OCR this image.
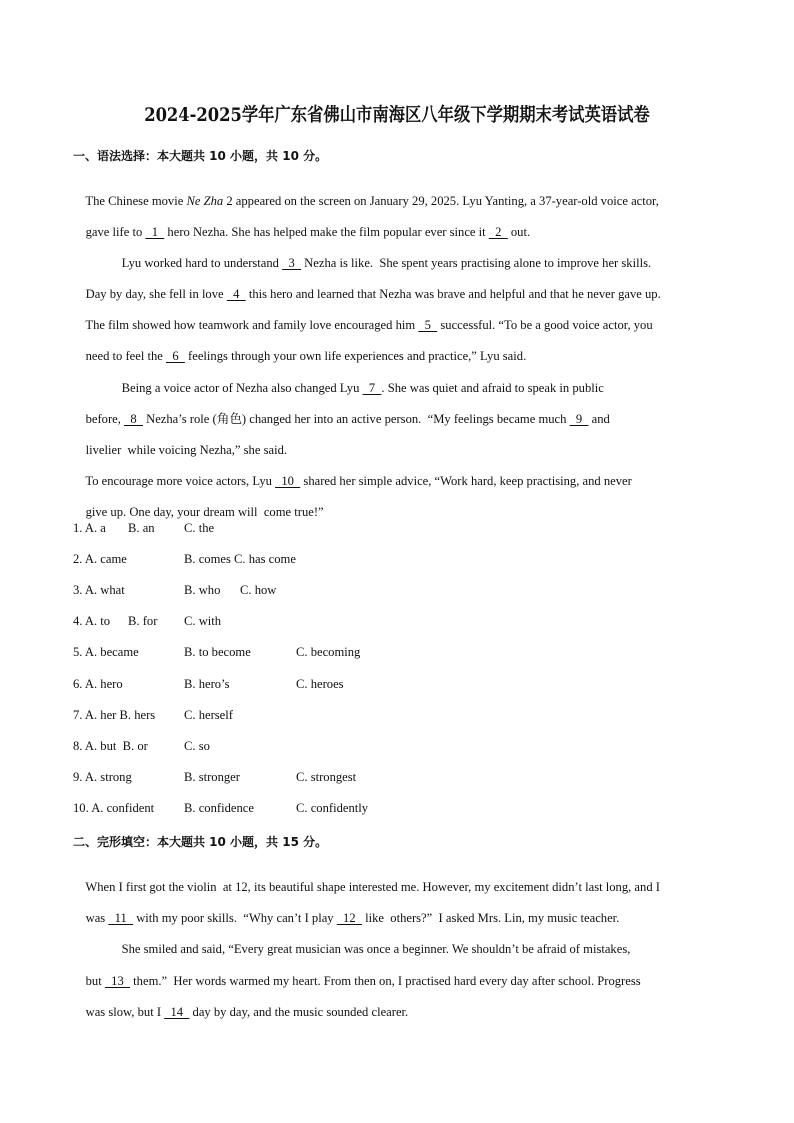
2024-2025学年广东省佛山市南海区八年级下学期期末考试英语试卷
一、语法选择：本大题共 10 小题，共 10 分。

The Chinese movie Ne Zha 2 appeared on the screen on January 29, 2025. Lyu Yanting, a 37-year-old voice actor,

gave life to   1   hero Nezha. She has helped make the film popular ever since it   2   out.

Lyu worked hard to understand   3   Nezha is like.  She spent years practising alone to improve her skills.

Day by day, she fell in love   4   this hero and learned that Nezha was brave and helpful and that he never gave up.

The film showed how teamwork and family love encouraged him   5   successful. “To be a good voice actor, you

need to feel the   6   feelings through your own life experiences and practice,” Lyu said.

Being a voice actor of Nezha also changed Lyu   7  . She was quiet and afraid to speak in public

before,   8   Nezha’s role (角色) changed her into an active person.  “My feelings became much   9   and

livelier  while voicing Nezha,” she said.

To encourage more voice actors, Lyu   10   shared her simple advice, “Work hard, keep practising, and never

give up. One day, your dream will  come true!”

1. A. a B. an C. the
2. A. came	B. comes C. has come
3. A. what	B. who C. how
4. A. to B. for C. with
5. A. became	B. to become	C. becoming
6. A. hero	B. hero’s	C. heroes
7. A. her B. hers C. herself
8. A. but  B. or	C. so
9. A. strong	B. stronger	C. strongest
10. A. confident B. confidence	C. confidently
二、完形填空：本大题共 10 小题，共 15 分。

When I first got the violin  at 12, its beautiful shape interested me. However, my excitement didn’t last long, and I

was   11   with my poor skills.  “Why can’t I play   12   like  others?”  I asked Mrs. Lin, my music teacher.

She smiled and said, “Every great musician was once a beginner. We shouldn’t be afraid of mistakes,

but   13   them.”  Her words warmed my heart. From then on, I practised hard every day after school. Progress

was slow, but I   14   day by day, and the music sounded clearer.
